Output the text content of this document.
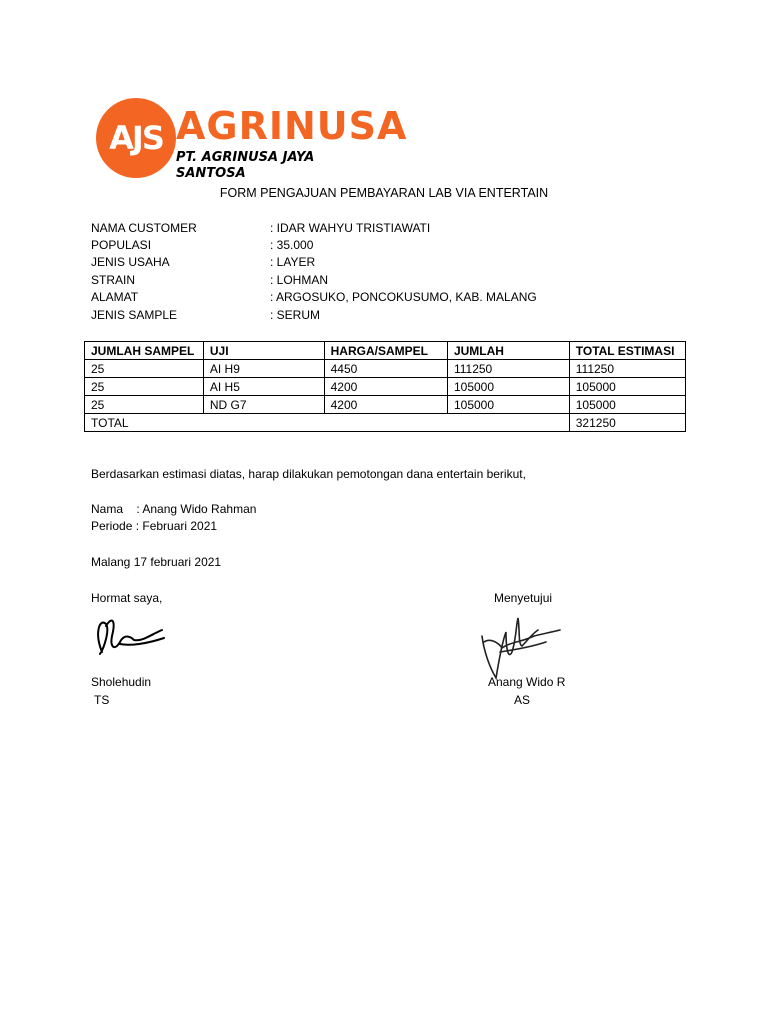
AJS AGRINUSA
PT. AGRINUSA JAYA SANTOSA
FORM PENGAJUAN PEMBAYARAN LAB VIA ENTERTAIN
NAMA CUSTOMER	: IDAR WAHYU TRISTIAWATI
POPULASI	: 35.000
JENIS USAHA	: LAYER
STRAIN	: LOHMAN
ALAMAT	: ARGOSUKO, PONCOKUSUMO, KAB. MALANG
JENIS SAMPLE	: SERUM
JUMLAH SAMPEL	UJI	HARGA/SAMPEL	JUMLAH	TOTAL ESTIMASI
25	AI H9	4450	111250	111250
25	AI H5	4200	105000	105000
25	ND G7	4200	105000	105000
TOTAL				321250
Berdasarkan estimasi diatas, harap dilakukan pemotongan dana entertain berikut,
Nama    : Anang Wido Rahman
Periode : Februari 2021
Malang 17 februari 2021
Hormat saya,
Sholehudin
TS
Menyetujui
Anang Wido R
AS
